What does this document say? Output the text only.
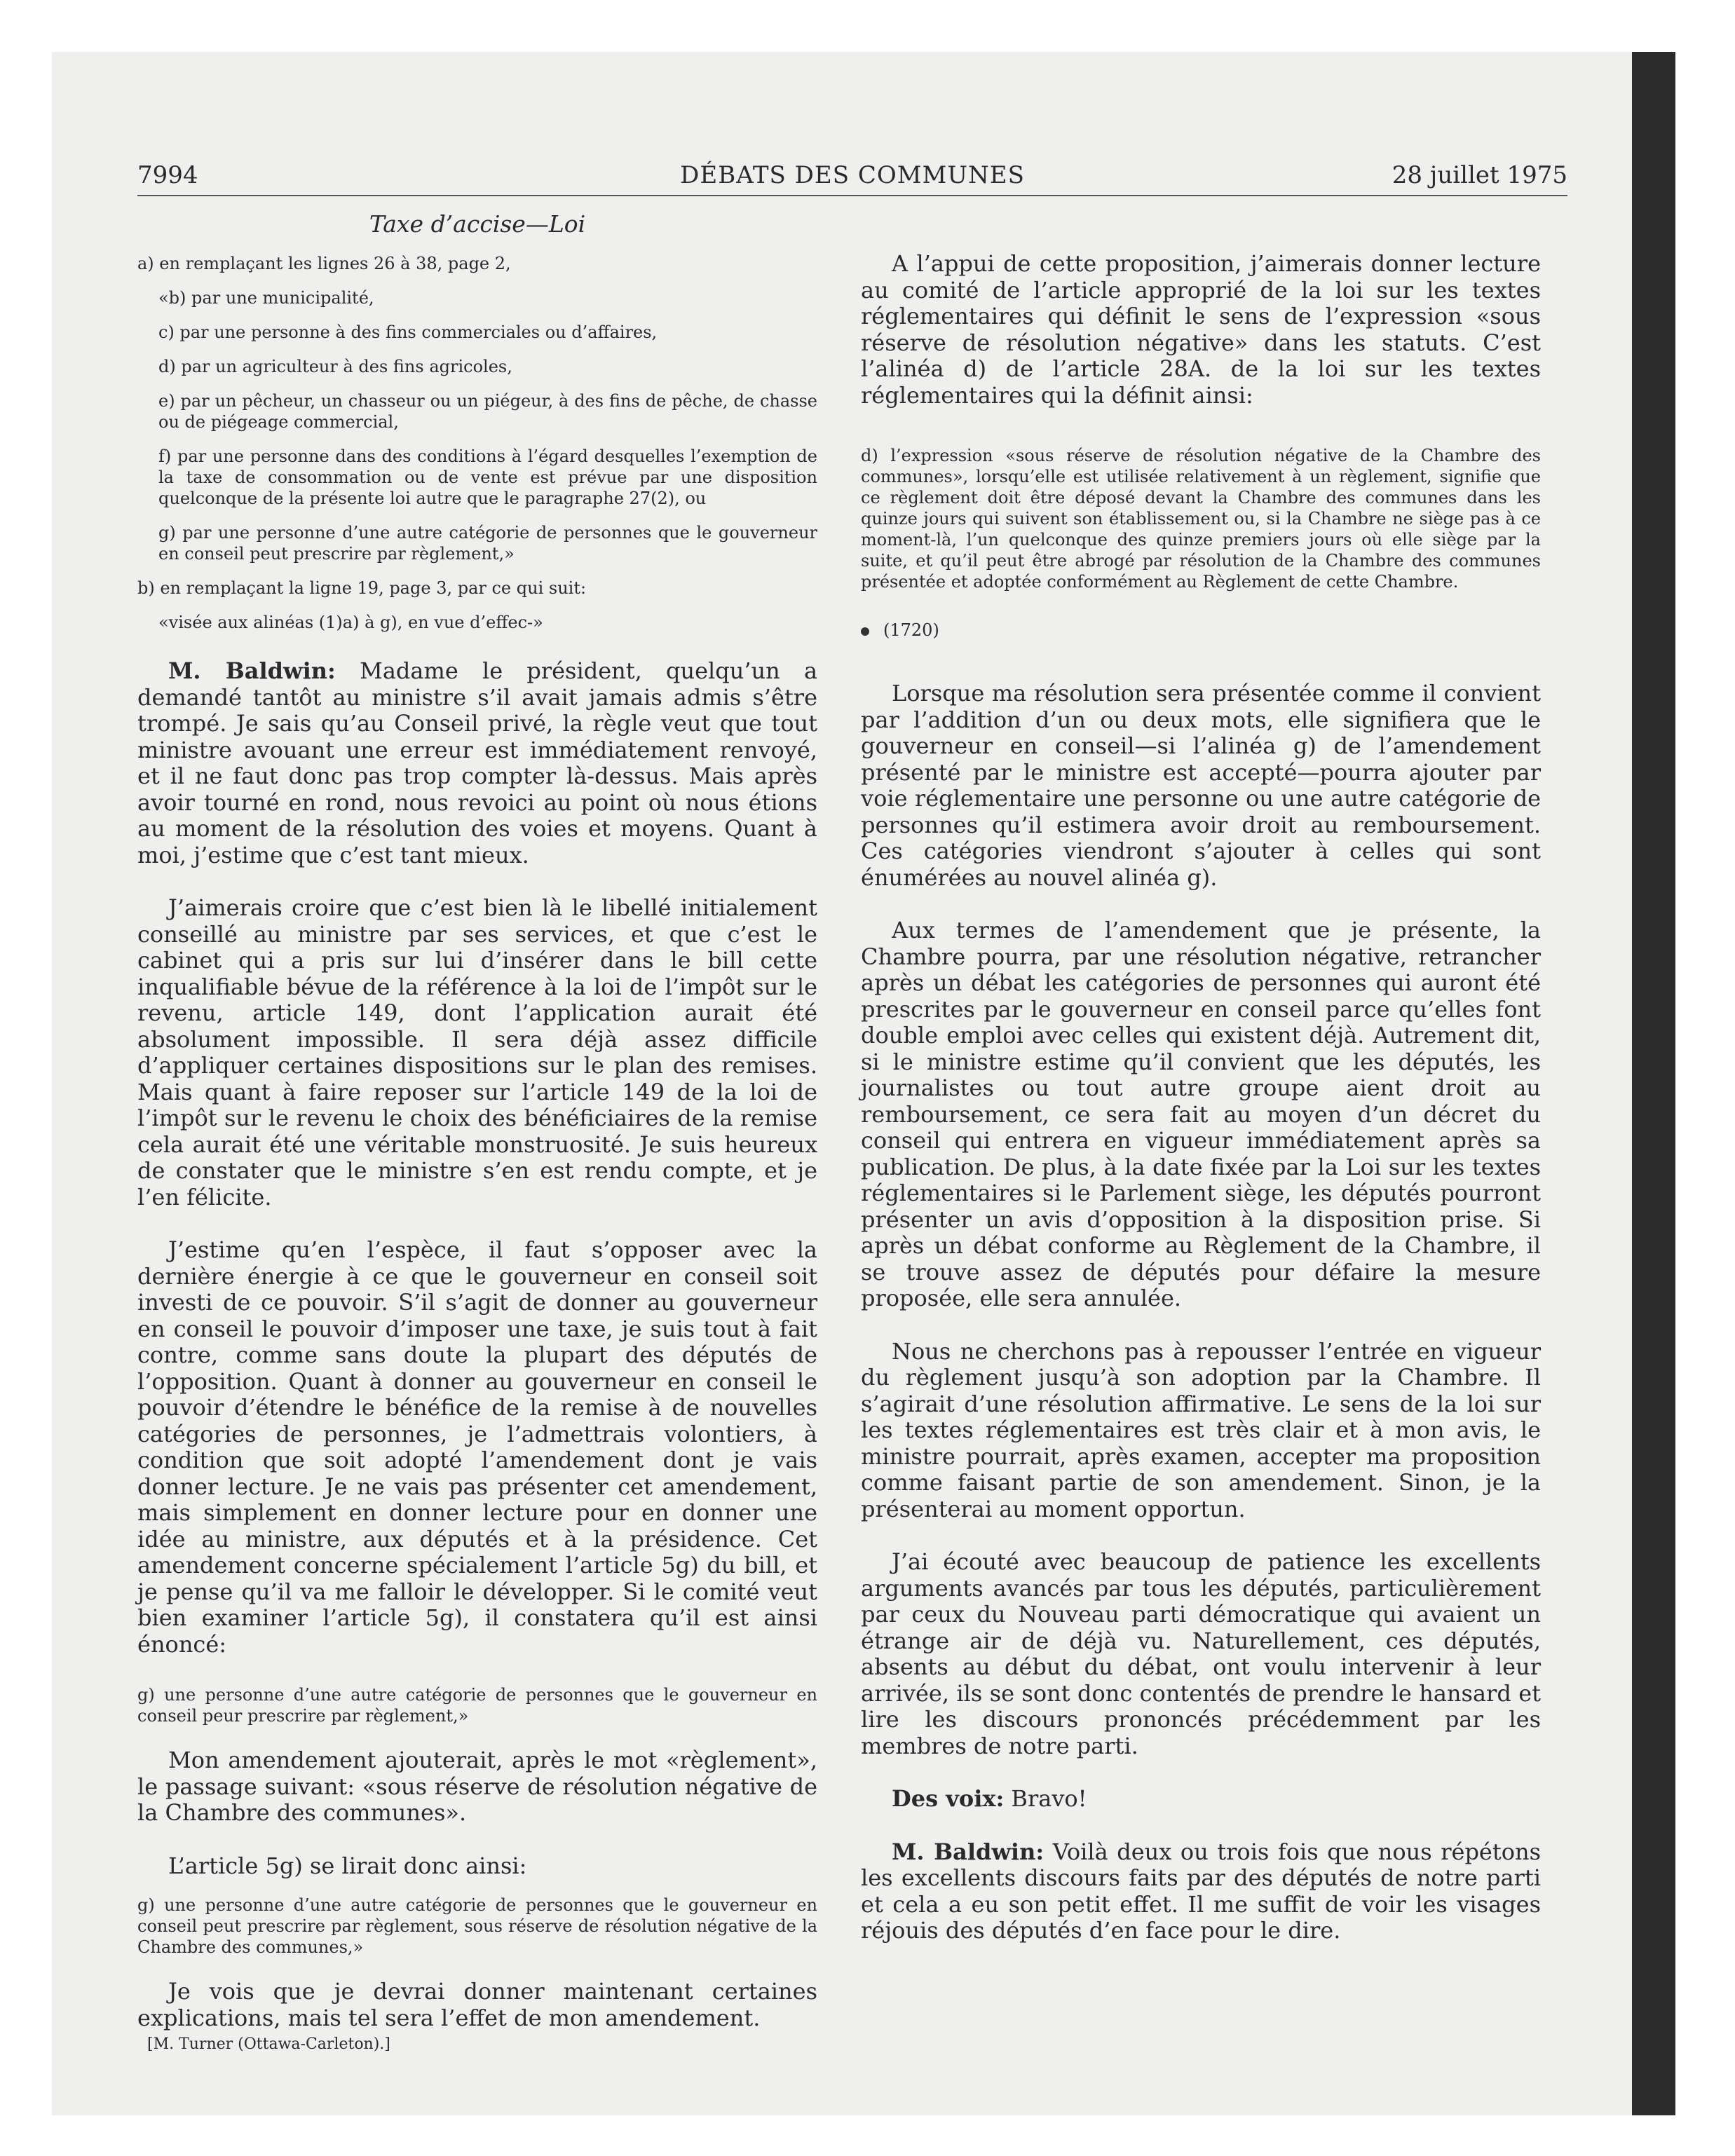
7994	DÉBATS DES COMMUNES	28 juillet 1975
Taxe d’accise—Loi

a) en remplaçant les lignes 26 à 38, page 2,

«b) par une municipalité,

c) par une personne à des fins commerciales ou d’affaires,

d) par un agriculteur à des fins agricoles,

e) par un pêcheur, un chasseur ou un piégeur, à des fins de pêche, de chasse ou de piégeage commercial,

f) par une personne dans des conditions à l’égard desquelles l’exemption de la taxe de consommation ou de vente est prévue par une disposition quelconque de la présente loi autre que le paragraphe 27(2), ou

g) par une personne d’une autre catégorie de personnes que le gouverneur en conseil peut prescrire par règlement,»

b) en remplaçant la ligne 19, page 3, par ce qui suit:

«visée aux alinéas (1)a) à g), en vue d’effec-»

M. Baldwin: Madame le président, quelqu’un a demandé tantôt au ministre s’il avait jamais admis s’être trompé. Je sais qu’au Conseil privé, la règle veut que tout ministre avouant une erreur est immédiatement renvoyé, et il ne faut donc pas trop compter là-dessus. Mais après avoir tourné en rond, nous revoici au point où nous étions au moment de la résolution des voies et moyens. Quant à moi, j’estime que c’est tant mieux.

J’aimerais croire que c’est bien là le libellé initialement conseillé au ministre par ses services, et que c’est le cabinet qui a pris sur lui d’insérer dans le bill cette inqualifiable bévue de la référence à la loi de l’impôt sur le revenu, article 149, dont l’application aurait été absolument impossible. Il sera déjà assez difficile d’appliquer certaines dispositions sur le plan des remises. Mais quant à faire reposer sur l’article 149 de la loi de l’impôt sur le revenu le choix des bénéficiaires de la remise cela aurait été une véritable monstruosité. Je suis heureux de constater que le ministre s’en est rendu compte, et je l’en félicite.

J’estime qu’en l’espèce, il faut s’opposer avec la dernière énergie à ce que le gouverneur en conseil soit investi de ce pouvoir. S’il s’agit de donner au gouverneur en conseil le pouvoir d’imposer une taxe, je suis tout à fait contre, comme sans doute la plupart des députés de l’opposition. Quant à donner au gouverneur en conseil le pouvoir d’étendre le bénéfice de la remise à de nouvelles catégories de personnes, je l’admettrais volontiers, à condition que soit adopté l’amendement dont je vais donner lecture. Je ne vais pas présenter cet amendement, mais simplement en donner lecture pour en donner une idée au ministre, aux députés et à la présidence. Cet amendement concerne spécialement l’article 5g) du bill, et je pense qu’il va me falloir le développer. Si le comité veut bien examiner l’article 5g), il constatera qu’il est ainsi énoncé:

g) une personne d’une autre catégorie de personnes que le gouverneur en conseil peur prescrire par règlement,»

Mon amendement ajouterait, après le mot «règlement», le passage suivant: «sous réserve de résolution négative de la Chambre des communes».

L’article 5g) se lirait donc ainsi:

g) une personne d’une autre catégorie de personnes que le gouverneur en conseil peut prescrire par règlement, sous réserve de résolution négative de la Chambre des communes,»

Je vois que je devrai donner maintenant certaines explications, mais tel sera l’effet de mon amendement.

[M. Turner (Ottawa-Carleton).]

A l’appui de cette proposition, j’aimerais donner lecture au comité de l’article approprié de la loi sur les textes réglementaires qui définit le sens de l’expression «sous réserve de résolution négative» dans les statuts. C’est l’alinéa d) de l’article 28A. de la loi sur les textes réglementaires qui la définit ainsi:

d) l’expression «sous réserve de résolution négative de la Chambre des communes», lorsqu’elle est utilisée relativement à un règlement, signifie que ce règlement doit être déposé devant la Chambre des communes dans les quinze jours qui suivent son établissement ou, si la Chambre ne siège pas à ce moment-là, l’un quelconque des quinze premiers jours où elle siège par la suite, et qu’il peut être abrogé par résolution de la Chambre des communes présentée et adoptée conformément au Règlement de cette Chambre.

(1720)

Lorsque ma résolution sera présentée comme il convient par l’addition d’un ou deux mots, elle signifiera que le gouverneur en conseil—si l’alinéa g) de l’amendement présenté par le ministre est accepté—pourra ajouter par voie réglementaire une personne ou une autre catégorie de personnes qu’il estimera avoir droit au remboursement. Ces catégories viendront s’ajouter à celles qui sont énumérées au nouvel alinéa g).

Aux termes de l’amendement que je présente, la Chambre pourra, par une résolution négative, retrancher après un débat les catégories de personnes qui auront été prescrites par le gouverneur en conseil parce qu’elles font double emploi avec celles qui existent déjà. Autrement dit, si le ministre estime qu’il convient que les députés, les journalistes ou tout autre groupe aient droit au remboursement, ce sera fait au moyen d’un décret du conseil qui entrera en vigueur immédiatement après sa publication. De plus, à la date fixée par la Loi sur les textes réglementaires si le Parlement siège, les députés pourront présenter un avis d’opposition à la disposition prise. Si après un débat conforme au Règlement de la Chambre, il se trouve assez de députés pour défaire la mesure proposée, elle sera annulée.

Nous ne cherchons pas à repousser l’entrée en vigueur du règlement jusqu’à son adoption par la Chambre. Il s’agirait d’une résolution affirmative. Le sens de la loi sur les textes réglementaires est très clair et à mon avis, le ministre pourrait, après examen, accepter ma proposition comme faisant partie de son amendement. Sinon, je la présenterai au moment opportun.

J’ai écouté avec beaucoup de patience les excellents arguments avancés par tous les députés, particulièrement par ceux du Nouveau parti démocratique qui avaient un étrange air de déjà vu. Naturellement, ces députés, absents au début du débat, ont voulu intervenir à leur arrivée, ils se sont donc contentés de prendre le hansard et lire les discours prononcés précédemment par les membres de notre parti.

Des voix: Bravo!

M. Baldwin: Voilà deux ou trois fois que nous répétons les excellents discours faits par des députés de notre parti et cela a eu son petit effet. Il me suffit de voir les visages réjouis des députés d’en face pour le dire.
